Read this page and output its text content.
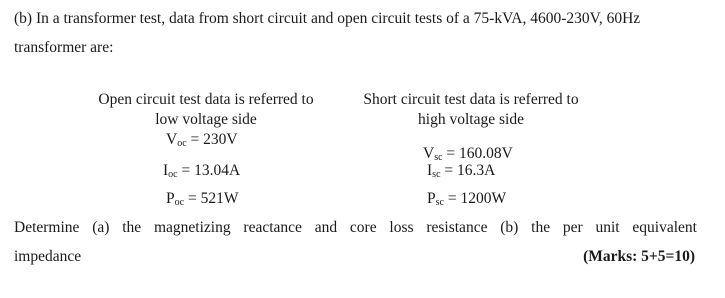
(b) In a transformer test, data from short circuit and open circuit tests of a 75-kVA, 4600-230V, 60Hz
transformer are:
Open circuit test data is referred to
low voltage side
$V_{oc} = 230V$
$I_{oc} = 13.04A$
$P_{oc} = 521W$
Short circuit test data is referred to
high voltage side
$V_{sc} = 160.08V$
$I_{sc} = 16.3A$
$P_{sc} = 1200W$
Determine (a) the magnetizing reactance and core loss resistance (b) the per unit equivalent
impedance	(Marks: 5+5=10)
